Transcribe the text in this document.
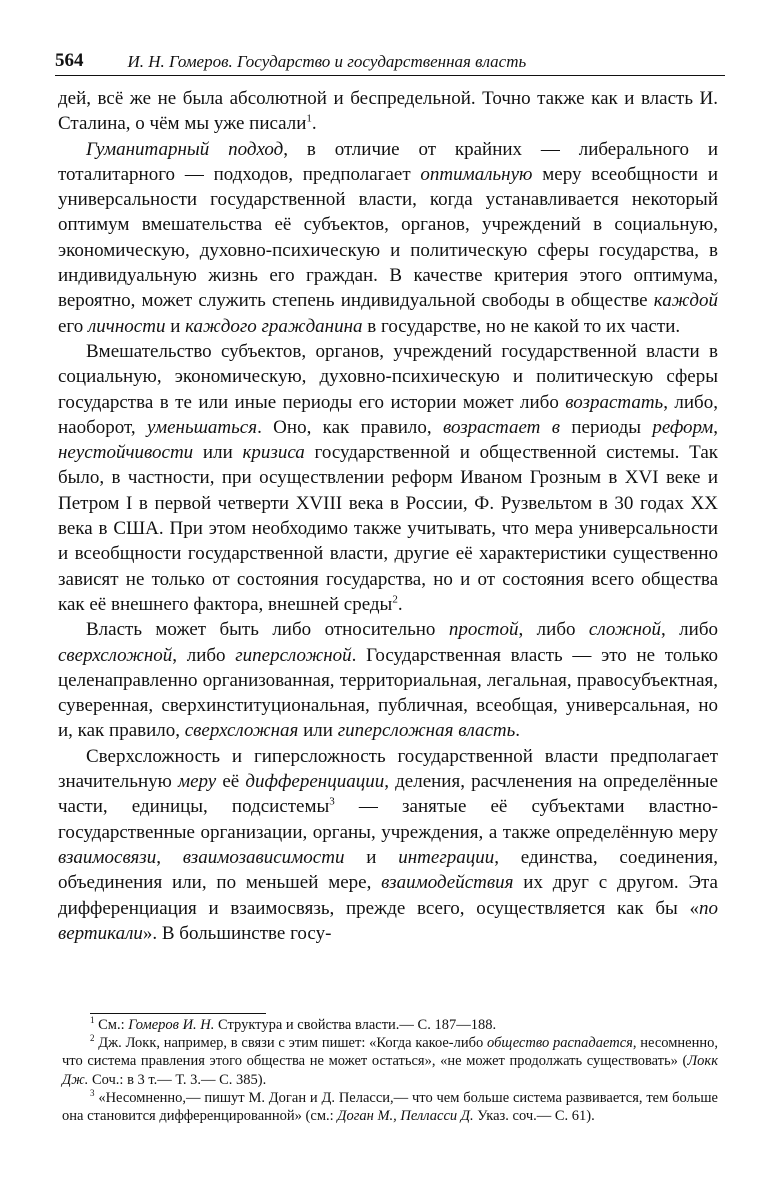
564	И. Н. Гомеров. Государство и государственная власть

дей, всё же не была абсолютной и беспредельной. Точно также как и власть И. Сталина, о чём мы уже писали$^1$.

Гуманитарный подход, в отличие от крайних — либерального и тоталитарного — подходов, предполагает оптимальную меру всеобщности и универсальности государственной власти, когда устанавливается некоторый оптимум вмешательства её субъектов, органов, учреждений в социальную, экономическую, духовно-психическую и политическую сферы государства, в индивидуальную жизнь его граждан. В качестве критерия этого оптимума, вероятно, может служить степень индивидуальной свободы в обществе каждой его личности и каждого гражданина в государстве, но не какой то их части.

Вмешательство субъектов, органов, учреждений государственной власти в социальную, экономическую, духовно-психическую и политическую сферы государства в те или иные периоды его истории может либо возрастать, либо, наоборот, уменьшаться. Оно, как правило, возрастает в периоды реформ, неустойчивости или кризиса государственной и общественной системы. Так было, в частности, при осуществлении реформ Иваном Грозным в XVI веке и Петром I в первой четверти XVIII века в России, Ф. Рузвельтом в 30 годах XX века в США. При этом необходимо также учитывать, что мера универсальности и всеобщности государственной власти, другие её характеристики существенно зависят не только от состояния государства, но и от состояния всего общества как её внешнего фактора, внешней среды$^2$.

Власть может быть либо относительно простой, либо сложной, либо сверхсложной, либо гиперсложной. Государственная власть — это не только целенаправленно организованная, территориальная, легальная, правосубъектная, суверенная, сверхинституциональная, публичная, всеобщая, универсальная, но и, как правило, сверхсложная или гиперсложная власть.

Сверхсложность и гиперсложность государственной власти предполагает значительную меру её дифференциации, деления, расчленения на определённые части, единицы, подсистемы$^3$ — занятые её субъектами властно-государственные организации, органы, учреждения, а также определённую меру взаимосвязи, взаимозависимости и интеграции, единства, соединения, объединения или, по меньшей мере, взаимодействия их друг с другом. Эта дифференциация и взаимосвязь, прежде всего, осуществляется как бы «по вертикали». В большинстве госу-

$^1$ См.: Гомеров И. Н. Структура и свойства власти.— С. 187—188.

$^2$ Дж. Локк, например, в связи с этим пишет: «Когда какое-либо общество распадается, несомненно, что система правления этого общества не может остаться», «не может продолжать существовать» (Локк Дж. Соч.: в 3 т.— Т. 3.— С. 385).

$^3$ «Несомненно,— пишут М. Доган и Д. Пеласси,— что чем больше система развивается, тем больше она становится дифференцированной» (см.: Доган М., Пелласси Д. Указ. соч.— С. 61).
